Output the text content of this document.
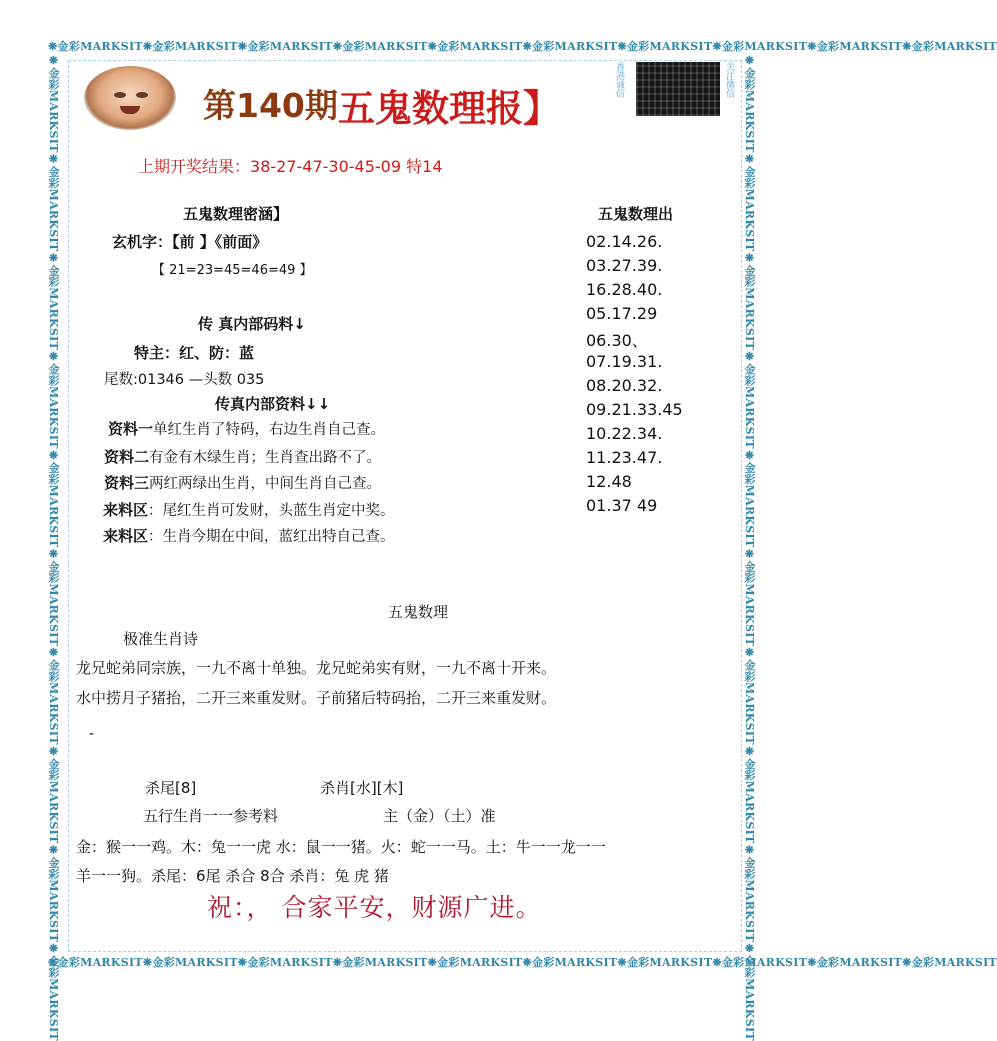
❋金彩MARKSIT❋金彩MARKSIT❋金彩MARKSIT❋金彩MARKSIT❋金彩MARKSIT❋金彩MARKSIT❋金彩MARKSIT❋金彩MARKSIT❋金彩MARKSIT❋金彩MARKSIT
❋金彩MARKSIT❋金彩MARKSIT❋金彩MARKSIT❋金彩MARKSIT❋金彩MARKSIT❋金彩MARKSIT❋金彩MARKSIT❋金彩MARKSIT❋金彩MARKSIT❋金彩MARKSIT
❋金彩MARKSIT❋金彩MARKSIT❋金彩MARKSIT❋金彩MARKSIT❋金彩MARKSIT❋金彩MARKSIT❋金彩MARKSIT❋金彩MARKSIT❋金彩MARKSIT❋金彩MARKSIT	❋金彩MARKSIT❋金彩MARKSIT❋金彩MARKSIT❋金彩MARKSIT❋金彩MARKSIT❋金彩MARKSIT❋金彩MARKSIT❋金彩MARKSIT❋金彩MARKSIT❋金彩MARKSIT
第140期 五鬼数理报】
香港诚信	关注微信
上期开奖结果：38-27-47-30-45-09 特14
五鬼数理密涵】
玄机字：【前 】《前面》
【 21=23=45=46=49 】
传 真内部码料↓
特主：红、防：蓝
尾数:01346 —头数 035
传真内部资料↓↓
资料一单红生肖了特码，右边生肖自己查。
资料二有金有木绿生肖；生肖查出路不了。
资料三两红两绿出生肖，中间生肖自己查。
来料区：尾红生肖可发财，头蓝生肖定中奖。
来料区：生肖今期在中间，蓝红出特自己查。
五鬼数理出
02.14.26.
03.27.39.
16.28.40.
05.17.29
06.30、
07.19.31.
08.20.32.
09.21.33.45
10.22.34.
11.23.47.
12.48
01.37 49
五鬼数理
极准生肖诗
龙兄蛇弟同宗族，一九不离十单独。龙兄蛇弟实有财，一九不离十开来。
水中捞月子猪抬，二开三来重发财。子前猪后特码抬，二开三来重发财。
-
杀尾[8]	杀肖[水][木]
五行生肖一一参考料	主（金）（土）准
金：猴一一鸡。木：兔一一虎 水：鼠一一猪。火：蛇一一马。土：牛一一龙一一
羊一一狗。杀尾：6尾 杀合 8合 杀肖：兔 虎 猪
祝：， 合家平安，财源广进。
